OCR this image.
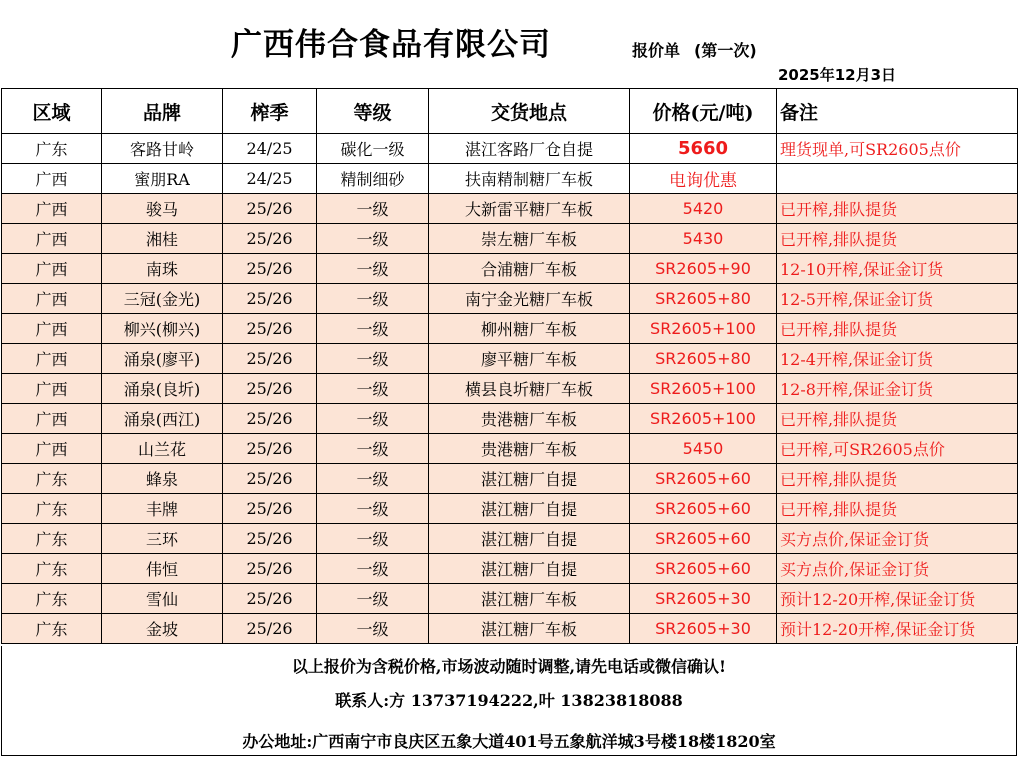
广西伟合食品有限公司	报价单 (第一次)
2025年12月3日
区域	品牌	榨季	等级	交货地点	价格(元/吨)	备注
广东	客路甘岭	24/25	碳化一级	湛江客路厂仓自提	5660	理货现单,可SR2605点价
广西	蜜朋RA	24/25	精制细砂	扶南精制糖厂车板	电询优惠	
广西	骏马	25/26	一级	大新雷平糖厂车板	5420	已开榨,排队提货
广西	湘桂	25/26	一级	崇左糖厂车板	5430	已开榨,排队提货
广西	南珠	25/26	一级	合浦糖厂车板	SR2605+90	12-10开榨,保证金订货
广西	三冠(金光)	25/26	一级	南宁金光糖厂车板	SR2605+80	12-5开榨,保证金订货
广西	柳兴(柳兴)	25/26	一级	柳州糖厂车板	SR2605+100	已开榨,排队提货
广西	涌泉(廖平)	25/26	一级	廖平糖厂车板	SR2605+80	12-4开榨,保证金订货
广西	涌泉(良圻)	25/26	一级	横县良圻糖厂车板	SR2605+100	12-8开榨,保证金订货
广西	涌泉(西江)	25/26	一级	贵港糖厂车板	SR2605+100	已开榨,排队提货
广西	山兰花	25/26	一级	贵港糖厂车板	5450	已开榨,可SR2605点价
广东	蜂泉	25/26	一级	湛江糖厂自提	SR2605+60	已开榨,排队提货
广东	丰牌	25/26	一级	湛江糖厂自提	SR2605+60	已开榨,排队提货
广东	三环	25/26	一级	湛江糖厂自提	SR2605+60	买方点价,保证金订货
广东	伟恒	25/26	一级	湛江糖厂自提	SR2605+60	买方点价,保证金订货
广东	雪仙	25/26	一级	湛江糖厂车板	SR2605+30	预计12-20开榨,保证金订货
广东	金坡	25/26	一级	湛江糖厂车板	SR2605+30	预计12-20开榨,保证金订货
以上报价为含税价格,市场波动随时调整,请先电话或微信确认!
联系人:方 13737194222,叶 13823818088
办公地址:广西南宁市良庆区五象大道401号五象航洋城3号楼18楼1820室
